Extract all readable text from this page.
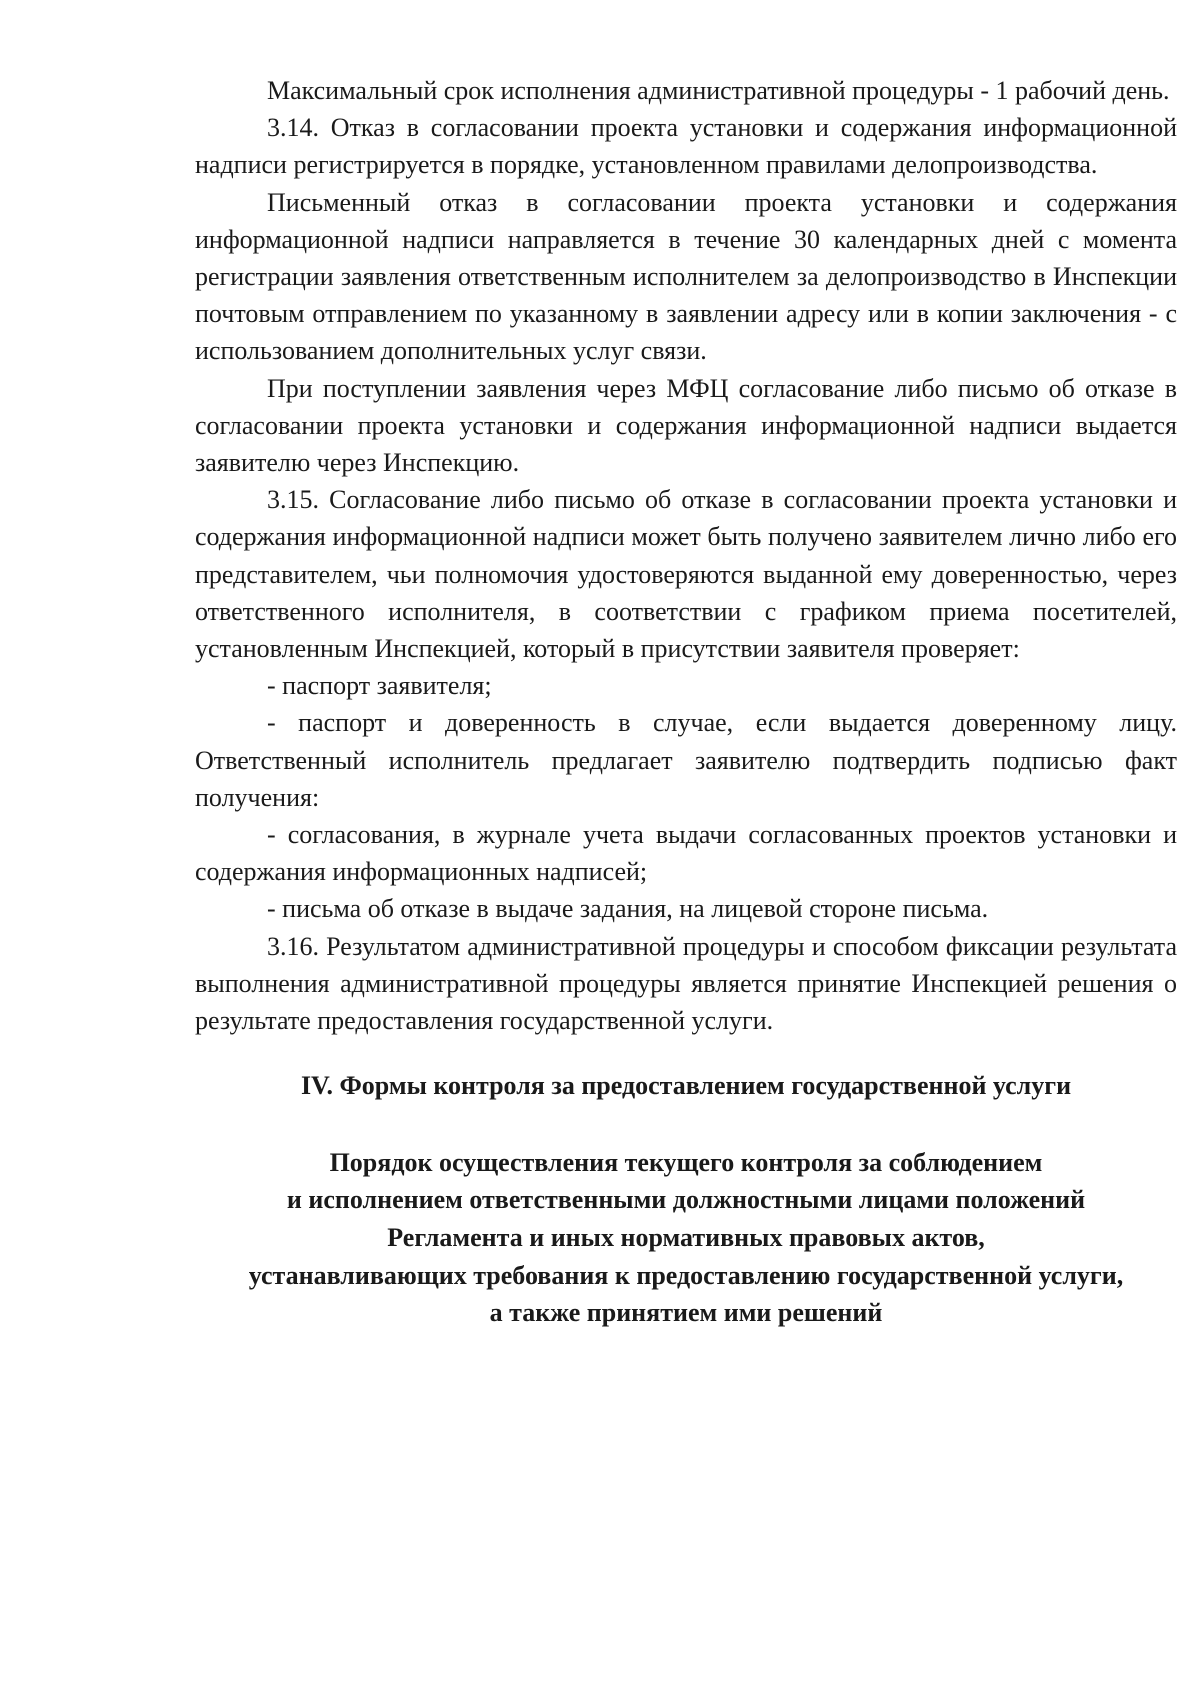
Максимальный срок исполнения административной процедуры - 1 рабочий день.

3.14. Отказ в согласовании проекта установки и содержания информационной надписи регистрируется в порядке, установленном правилами делопроизводства.

Письменный отказ в согласовании проекта установки и содержания информационной надписи направляется в течение 30 календарных дней с момента регистрации заявления ответственным исполнителем за делопроизводство в Инспекции почтовым отправлением по указанному в заявлении адресу или в копии заключения - с использованием дополнительных услуг связи.

При поступлении заявления через МФЦ согласование либо письмо об отказе в согласовании проекта установки и содержания информационной надписи выдается заявителю через Инспекцию.

3.15. Согласование либо письмо об отказе в согласовании проекта установки и содержания информационной надписи может быть получено заявителем лично либо его представителем, чьи полномочия удостоверяются выданной ему доверенностью, через ответственного исполнителя, в соответствии с графиком приема посетителей, установленным Инспекцией, который в присутствии заявителя проверяет:

- паспорт заявителя;

- паспорт и доверенность в случае, если выдается доверенному лицу. Ответственный исполнитель предлагает заявителю подтвердить подписью факт получения:

- согласования, в журнале учета выдачи согласованных проектов установки и содержания информационных надписей;

- письма об отказе в выдаче задания, на лицевой стороне письма.

3.16. Результатом административной процедуры и способом фиксации результата выполнения административной процедуры является принятие Инспекцией решения о результате предоставления государственной услуги.

IV. Формы контроля за предоставлением государственной услуги

Порядок осуществления текущего контроля за соблюдением

и исполнением ответственными должностными лицами положений

Регламента и иных нормативных правовых актов,

устанавливающих требования к предоставлению государственной услуги,

а также принятием ими решений
